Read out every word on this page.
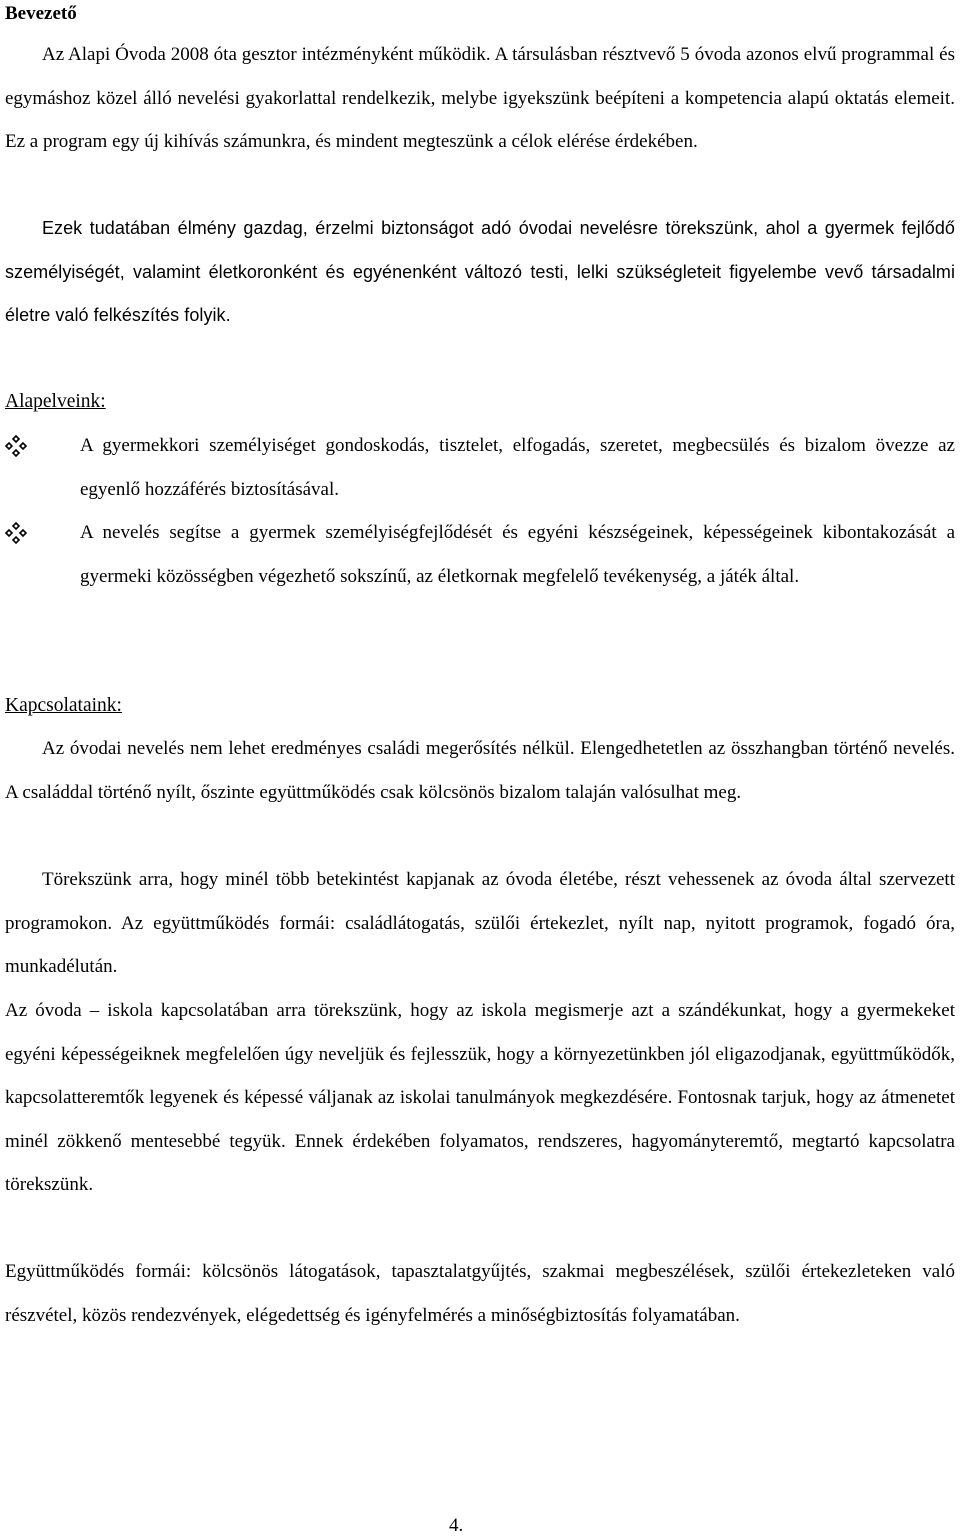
Bevezető

Az Alapi Óvoda 2008 óta gesztor intézményként működik. A társulásban résztvevő 5 óvoda azonos elvű programmal és egymáshoz közel álló nevelési gyakorlattal rendelkezik, melybe igyekszünk beépíteni a kompetencia alapú oktatás elemeit. Ez a program egy új kihívás számunkra, és mindent megteszünk a célok elérése érdekében.

Ezek tudatában élmény gazdag, érzelmi biztonságot adó óvodai nevelésre törekszünk, ahol a gyermek fejlődő személyiségét, valamint életkoronként és egyénenként változó testi, lelki szükségleteit figyelembe vevő társadalmi életre való felkészítés folyik.

Alapelveink:
A gyermekkori személyiséget gondoskodás, tisztelet, elfogadás, szeretet, megbecsülés és bizalom övezze az egyenlő hozzáférés biztosításával.
A nevelés segítse a gyermek személyiségfejlődését és egyéni készségeinek, képességeinek kibontakozását a gyermeki közösségben végezhető sokszínű, az életkornak megfelelő tevékenység, a játék által.
Kapcsolataink:

Az óvodai nevelés nem lehet eredményes családi megerősítés nélkül. Elengedhetetlen az összhangban történő nevelés. A családdal történő nyílt, őszinte együttműködés csak kölcsönös bizalom talaján valósulhat meg.

Törekszünk arra, hogy minél több betekintést kapjanak az óvoda életébe, részt vehessenek az óvoda által szervezett programokon. Az együttműködés formái: családlátogatás, szülői értekezlet, nyílt nap, nyitott programok, fogadó óra, munkadélután.

Az óvoda – iskola kapcsolatában arra törekszünk, hogy az iskola megismerje azt a szándékunkat, hogy a gyermekeket egyéni képességeiknek megfelelően úgy neveljük és fejlesszük, hogy a környezetünkben jól eligazodjanak, együttműködők, kapcsolatteremtők legyenek és képessé váljanak az iskolai tanulmányok megkezdésére. Fontosnak tarjuk, hogy az átmenetet minél zökkenő mentesebbé tegyük. Ennek érdekében folyamatos, rendszeres, hagyományteremtő, megtartó kapcsolatra törekszünk.

Együttműködés formái: kölcsönös látogatások, tapasztalatgyűjtés, szakmai megbeszélések, szülői értekezleteken való részvétel, közös rendezvények, elégedettség és igényfelmérés a minőségbiztosítás folyamatában.

4.
